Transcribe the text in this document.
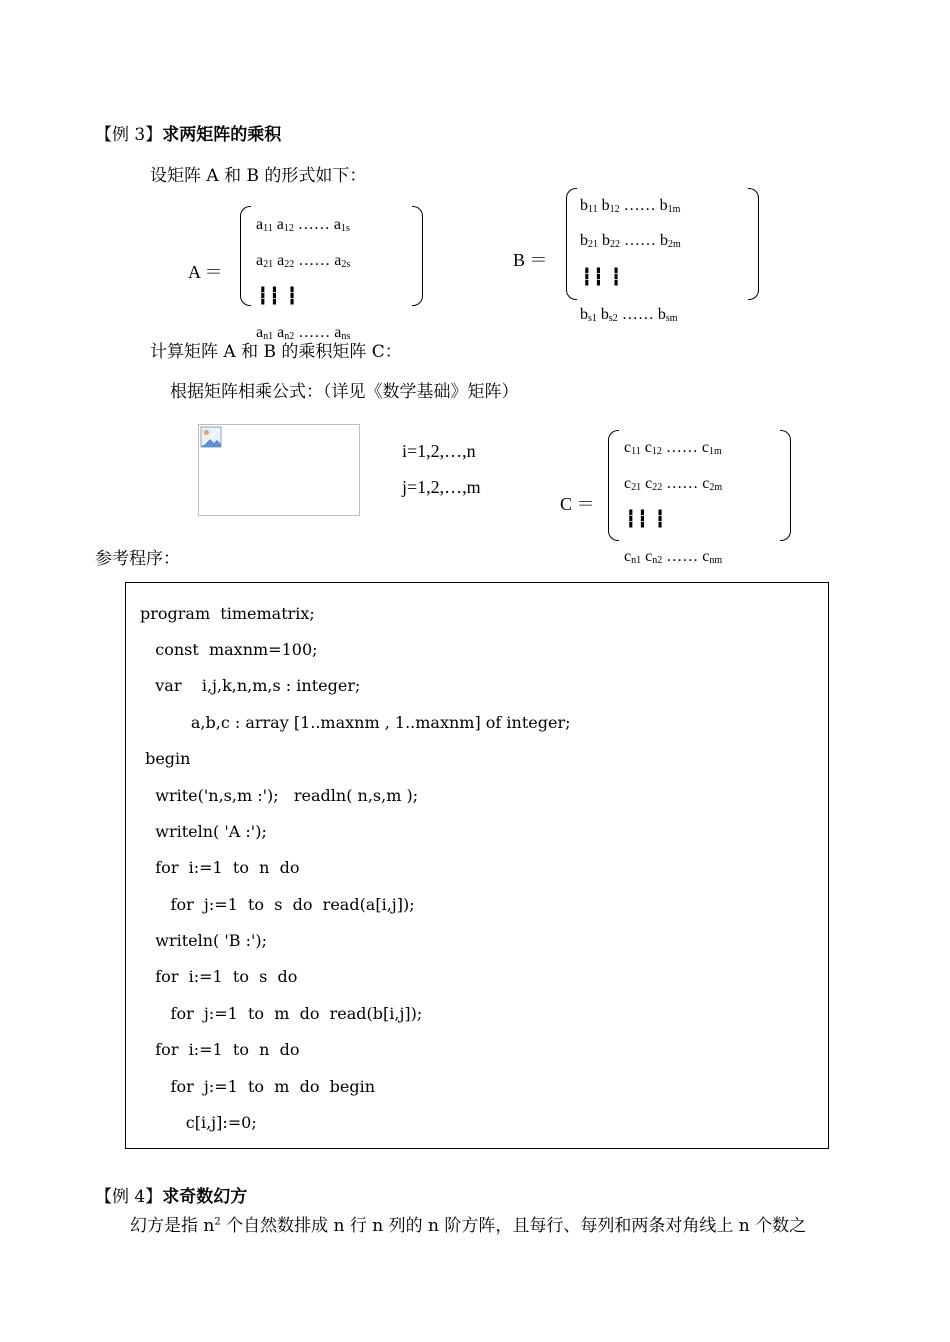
【例 3】求两矩阵的乘积
设矩阵 A 和 B 的形式如下：
A ＝
$a_{11}$ $a_{12}$ …… $a_{1s}$
$a_{21}$ $a_{22}$ …… $a_{2s}$
┇┇ ┇
$a_{n1}$ $a_{n2}$ …… $a_{ns}$
B ＝
$b_{11}$ $b_{12}$ …… $b_{1m}$
$b_{21}$ $b_{22}$ …… $b_{2m}$
┇┇ ┇
$b_{s1}$ $b_{s2}$ …… $b_{sm}$
计算矩阵 A 和 B 的乘积矩阵 C：
根据矩阵相乘公式：（详见《数学基础》矩阵）
i=1,2,…,n
j=1,2,…,m
C ＝
$c_{11}$ $c_{12}$ …… $c_{1m}$
$c_{21}$ $c_{22}$ …… $c_{2m}$
┇┇ ┇
$c_{n1}$ $c_{n2}$ …… $c_{nm}$
参考程序：
program  timematrix;
const  maxnm=100;
var    i,j,k,n,m,s : integer;
a,b,c : array [1..maxnm , 1..maxnm] of integer;
begin
write('n,s,m :');   readln( n,s,m );
writeln( 'A :');
for  i:=1  to  n  do
for  j:=1  to  s  do  read(a[i,j]);
writeln( 'B :');
for  i:=1  to  s  do
for  j:=1  to  m  do  read(b[i,j]);
for  i:=1  to  n  do
for  j:=1  to  m  do  begin
c[i,j]:=0;
【例 4】求奇数幻方
幻方是指 $n^2$ 个自然数排成 n 行 n 列的 n 阶方阵，且每行、每列和两条对角线上 n 个数之
